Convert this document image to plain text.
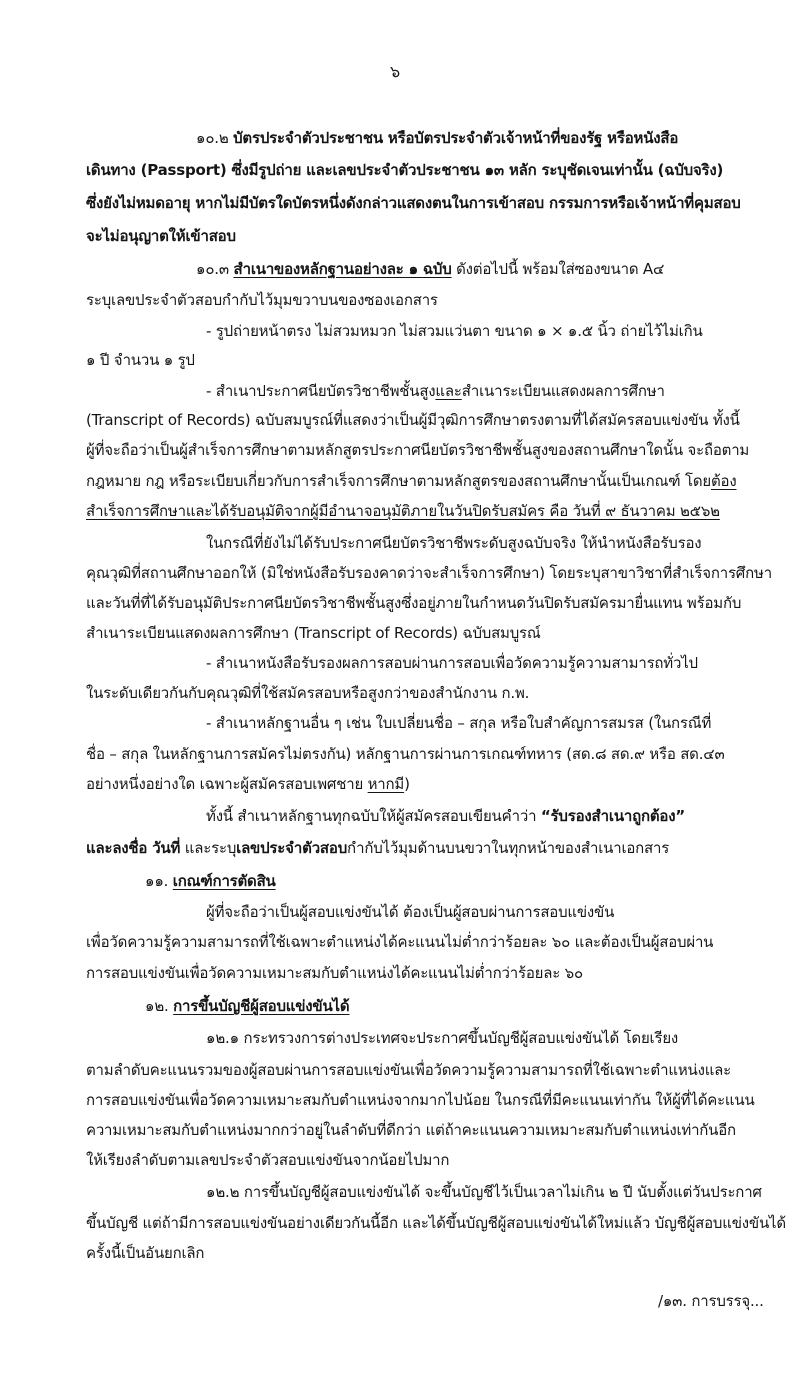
๖
๑๐.๒ บัตรประจำตัวประชาชน หรือบัตรประจำตัวเจ้าหน้าที่ของรัฐ หรือหนังสือ
เดินทาง (Passport) ซึ่งมีรูปถ่าย และเลขประจำตัวประชาชน ๑๓ หลัก ระบุชัดเจนเท่านั้น (ฉบับจริง)
ซึ่งยังไม่หมดอายุ หากไม่มีบัตรใดบัตรหนึ่งดังกล่าวแสดงตนในการเข้าสอบ กรรมการหรือเจ้าหน้าที่คุมสอบ
จะไม่อนุญาตให้เข้าสอบ
๑๐.๓ สำเนาของหลักฐานอย่างละ ๑ ฉบับ ดังต่อไปนี้ พร้อมใส่ซองขนาด A๔
ระบุเลขประจำตัวสอบกำกับไว้มุมขวาบนของซองเอกสาร
- รูปถ่ายหน้าตรง ไม่สวมหมวก ไม่สวมแว่นตา ขนาด ๑ × ๑.๕ นิ้ว ถ่ายไว้ไม่เกิน
๑ ปี จำนวน ๑ รูป
- สำเนาประกาศนียบัตรวิชาชีพชั้นสูงและสำเนาระเบียนแสดงผลการศึกษา
(Transcript of Records) ฉบับสมบูรณ์ที่แสดงว่าเป็นผู้มีวุฒิการศึกษาตรงตามที่ได้สมัครสอบแข่งขัน ทั้งนี้
ผู้ที่จะถือว่าเป็นผู้สำเร็จการศึกษาตามหลักสูตรประกาศนียบัตรวิชาชีพชั้นสูงของสถานศึกษาใดนั้น จะถือตาม
กฎหมาย กฎ หรือระเบียบเกี่ยวกับการสำเร็จการศึกษาตามหลักสูตรของสถานศึกษานั้นเป็นเกณฑ์ โดยต้อง
สำเร็จการศึกษาและได้รับอนุมัติจากผู้มีอำนาจอนุมัติภายในวันปิดรับสมัคร คือ วันที่ ๙ ธันวาคม ๒๕๖๒
ในกรณีที่ยังไม่ได้รับประกาศนียบัตรวิชาชีพระดับสูงฉบับจริง ให้นำหนังสือรับรอง
คุณวุฒิที่สถานศึกษาออกให้ (มิใช่หนังสือรับรองคาดว่าจะสำเร็จการศึกษา) โดยระบุสาขาวิชาที่สำเร็จการศึกษา
และวันที่ที่ได้รับอนุมัติประกาศนียบัตรวิชาชีพชั้นสูงซึ่งอยู่ภายในกำหนดวันปิดรับสมัครมายื่นแทน พร้อมกับ
สำเนาระเบียนแสดงผลการศึกษา (Transcript of Records) ฉบับสมบูรณ์
- สำเนาหนังสือรับรองผลการสอบผ่านการสอบเพื่อวัดความรู้ความสามารถทั่วไป
ในระดับเดียวกันกับคุณวุฒิที่ใช้สมัครสอบหรือสูงกว่าของสำนักงาน ก.พ.
- สำเนาหลักฐานอื่น ๆ เช่น ใบเปลี่ยนชื่อ – สกุล หรือใบสำคัญการสมรส (ในกรณีที่
ชื่อ – สกุล ในหลักฐานการสมัครไม่ตรงกัน) หลักฐานการผ่านการเกณฑ์ทหาร (สด.๘ สด.๙ หรือ สด.๔๓
อย่างหนึ่งอย่างใด เฉพาะผู้สมัครสอบเพศชาย หากมี)
ทั้งนี้ สำเนาหลักฐานทุกฉบับให้ผู้สมัครสอบเขียนคำว่า “รับรองสำเนาถูกต้อง”
และลงชื่อ วันที่ และระบุเลขประจำตัวสอบกำกับไว้มุมด้านบนขวาในทุกหน้าของสำเนาเอกสาร
๑๑. เกณฑ์การตัดสิน
ผู้ที่จะถือว่าเป็นผู้สอบแข่งขันได้ ต้องเป็นผู้สอบผ่านการสอบแข่งขัน
เพื่อวัดความรู้ความสามารถที่ใช้เฉพาะตำแหน่งได้คะแนนไม่ต่ำกว่าร้อยละ ๖๐ และต้องเป็นผู้สอบผ่าน
การสอบแข่งขันเพื่อวัดความเหมาะสมกับตำแหน่งได้คะแนนไม่ต่ำกว่าร้อยละ ๖๐
๑๒. การขึ้นบัญชีผู้สอบแข่งขันได้
๑๒.๑ กระทรวงการต่างประเทศจะประกาศขึ้นบัญชีผู้สอบแข่งขันได้ โดยเรียง
ตามลำดับคะแนนรวมของผู้สอบผ่านการสอบแข่งขันเพื่อวัดความรู้ความสามารถที่ใช้เฉพาะตำแหน่งและ
การสอบแข่งขันเพื่อวัดความเหมาะสมกับตำแหน่งจากมากไปน้อย ในกรณีที่มีคะแนนเท่ากัน ให้ผู้ที่ได้คะแนน
ความเหมาะสมกับตำแหน่งมากกว่าอยู่ในลำดับที่ดีกว่า แต่ถ้าคะแนนความเหมาะสมกับตำแหน่งเท่ากันอีก
ให้เรียงลำดับตามเลขประจำตัวสอบแข่งขันจากน้อยไปมาก
๑๒.๒ การขึ้นบัญชีผู้สอบแข่งขันได้ จะขึ้นบัญชีไว้เป็นเวลาไม่เกิน ๒ ปี นับตั้งแต่วันประกาศ
ขึ้นบัญชี แต่ถ้ามีการสอบแข่งขันอย่างเดียวกันนี้อีก และได้ขึ้นบัญชีผู้สอบแข่งขันได้ใหม่แล้ว บัญชีผู้สอบแข่งขันได้
ครั้งนี้เป็นอันยกเลิก
/๑๓. การบรรจุ...
